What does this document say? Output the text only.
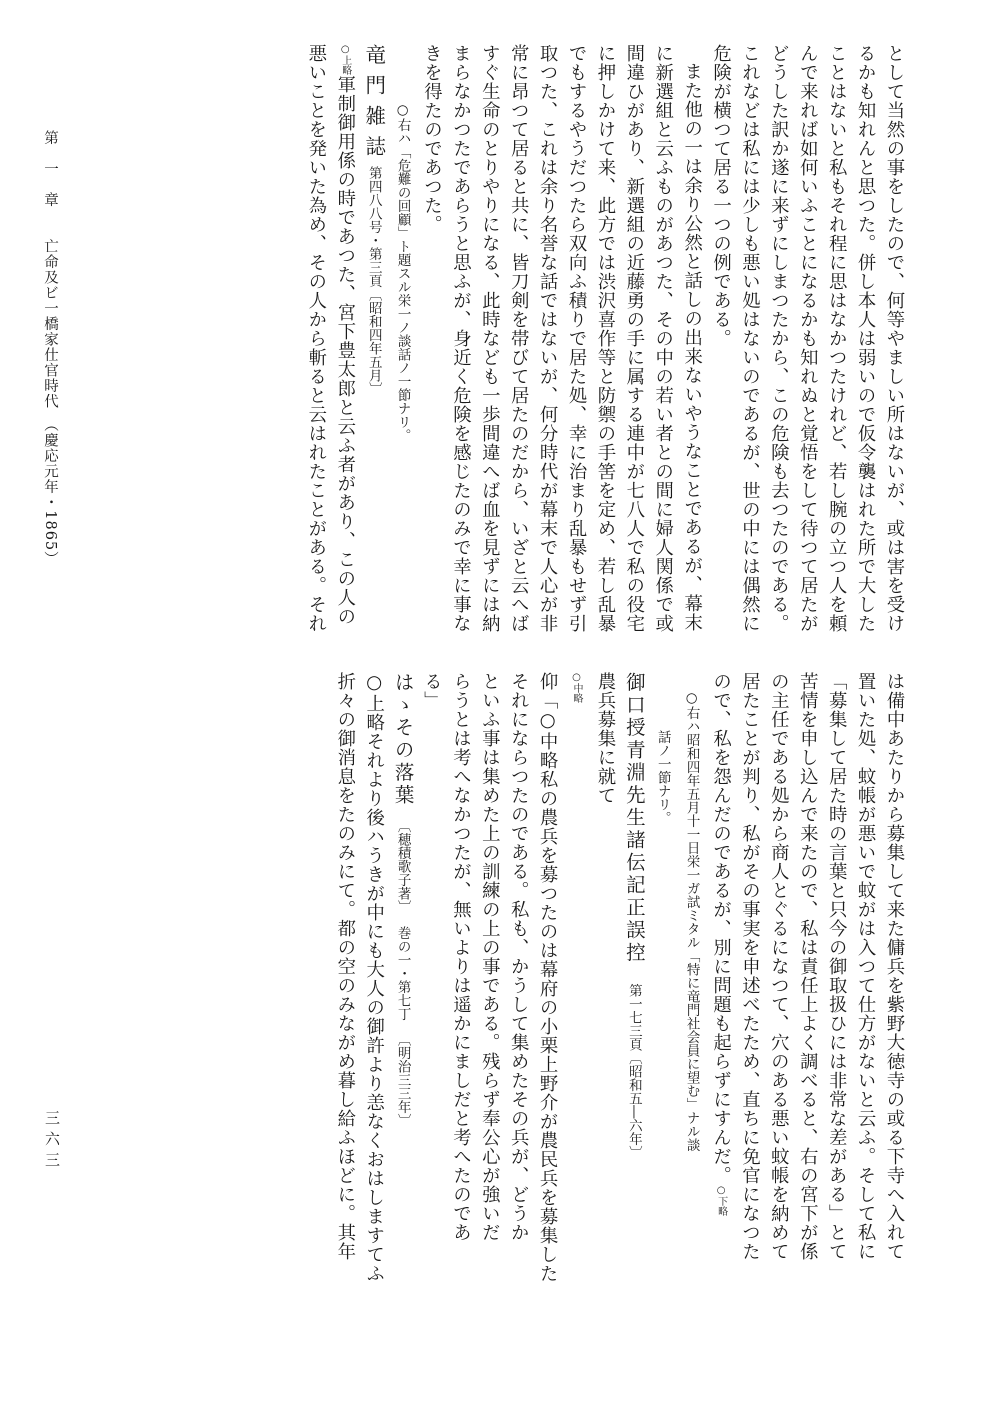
として当然の事をしたので、何等やましい所はないが、或は害を受け
るかも知れんと思つた。併し本人は弱いので仮令襲はれた所で大した
ことはないと私もそれ程に思はなかつたけれど、若し腕の立つ人を頼
んで来れば如何いふことになるかも知れぬと覚悟をして待つて居たが
どうした訳か遂に来ずにしまつたから、この危険も去つたのである。
これなどは私には少しも悪い処はないのであるが、世の中には偶然に
危険が横つて居る一つの例である。
また他の一は余り公然と話しの出来ないやうなことであるが、幕末
に新選組と云ふものがあつた、その中の若い者との間に婦人関係で或
間違ひがあり、新選組の近藤勇の手に属する連中が七八人で私の役宅
に押しかけて来、此方では渋沢喜作等と防禦の手筈を定め、若し乱暴
でもするやうだつたら双向ふ積りで居た処、幸に治まり乱暴もせず引
取つた、これは余り名誉な話ではないが、何分時代が幕末で人心が非
常に昂つて居ると共に、皆刀剣を帯びて居たのだから、いざと云へば
すぐ生命のとりやりになる、此時なども一歩間違へば血を見ずには納
まらなかつたであらうと思ふが、身近く危険を感じたのみで幸に事な
きを得たのであつた。
○右ハ「危難の回顧」ト題スル栄一ノ談話ノ一節ナリ。
竜門雑誌第四八八号・第三頁〔昭和四年五月〕
○上略軍制御用係の時であつた、宮下豊太郎と云ふ者があり、この人の
悪いことを発いた為め、その人から斬ると云はれたことがある。それ
は備中あたりから募集して来た傭兵を紫野大徳寺の或る下寺へ入れて
置いた処、蚊帳が悪いで蚊がは入つて仕方がないと云ふ。そして私に
「募集して居た時の言葉と只今の御取扱ひには非常な差がある」とて
苦情を申し込んで来たので、私は責任上よく調べると、右の宮下が係
の主任である処から商人とぐるになつて、穴のある悪い蚊帳を納めて
居たことが判り、私がその事実を申述べたため、直ちに免官になつた
ので、私を怨んだのであるが、別に問題も起らずにすんだ。○下略
○右ハ昭和四年五月十一日栄一ガ試ミタル「特に竜門社会員に望む」ナル談
話ノ一節ナリ。
御口授青淵先生諸伝記正誤控　第一七三頁〔昭和五―六年〕
農兵募集に就て
○中略
仰「○中略私の農兵を募つたのは幕府の小栗上野介が農民兵を募集した
それにならつたのである。私も、かうして集めたその兵が、どうか
といふ事は集めた上の訓練の上の事である。残らず奉公心が強いだ
らうとは考へなかつたが、無いよりは遥かにましだと考へたのであ
る」
はゝその落葉　〔穂積歌子著〕　巻の一・第七丁　〔明治三三年〕
○上略それより後ハうきが中にも大人の御許より恙なくおはしますてふ
折々の御消息をたのみにて。都の空のみながめ暮し給ふほどに。其年
第　一　章　　亡命及ビ一橋家仕官時代　（慶応元年・1865）
三六三
